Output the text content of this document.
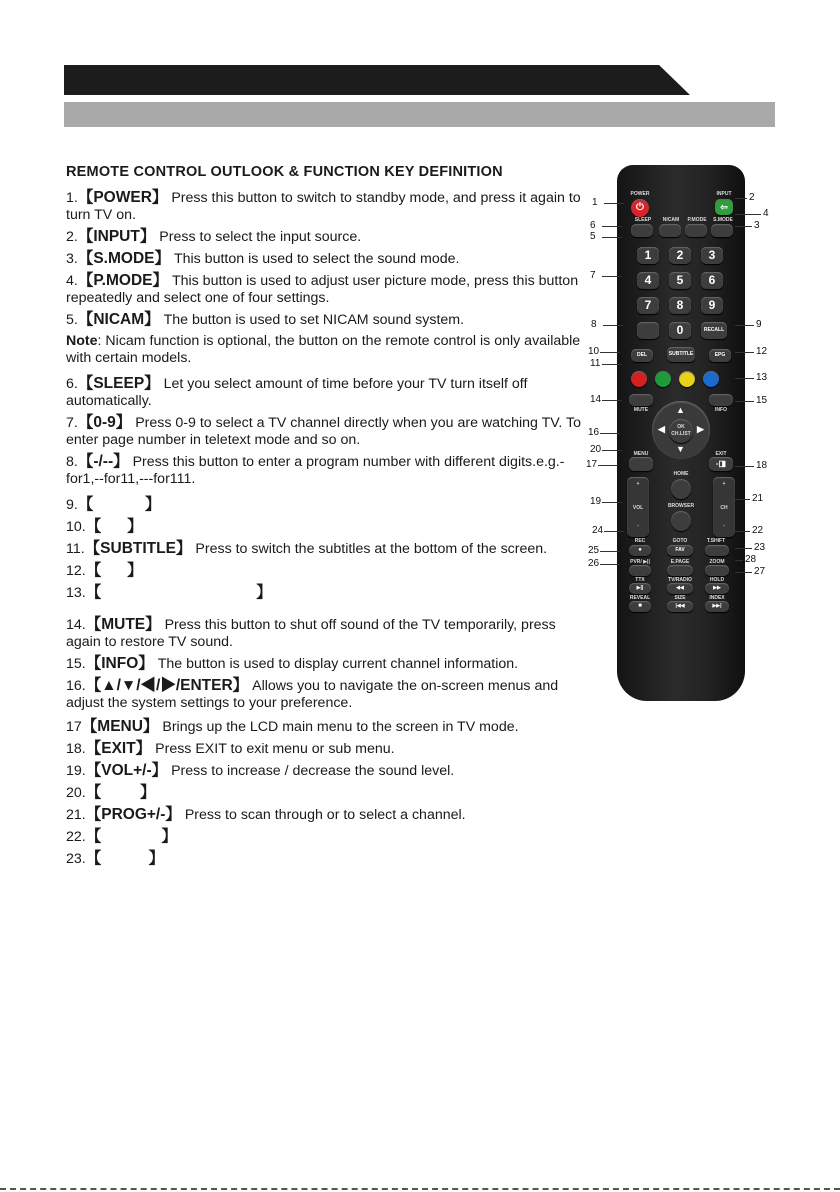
REMOTE CONTROL OUTLOOK & FUNCTION KEY DEFINITION
1.【POWER】 Press this button to switch to standby mode, and press it again to turn TV on.
2.【INPUT】 Press to select the input source.
3.【S.MODE】 This button is used to select the sound mode.
4.【P.MODE】 This button is used to adjust user picture mode, press this button repeatedly and select one of four settings.
5.【NICAM】 The button is used to set NICAM sound system.
Note: Nicam function is optional, the button on the remote control is only available with certain models.
6.【SLEEP】 Let you select amount of time before your TV turn itself off automatically.
7.【0-9】 Press 0-9 to select a TV channel directly when you are watching TV. To enter page number in teletext mode and so on.
8.【-/--】 Press this button to enter a program number with different digits.e.g.-for1,--for11,---for111.
9.【            】
10.【      】
11.【SUBTITLE】 Press to switch the subtitles at the bottom of the screen.
12.【      】
13.【                                    】
14.【MUTE】 Press this button to shut off sound of the TV temporarily, press again to restore TV sound.
15.【INFO】 The button is used to display current channel information.
16.【▲/▼/◀/▶/ENTER】 Allows you to navigate the on-screen menus and adjust the system settings to your preference.
17【MENU】 Brings up the LCD main menu to the screen in TV mode.
18.【EXIT】 Press EXIT to exit menu or sub menu.
19.【VOL+/-】 Press to increase / decrease the sound level.
20.【         】
21.【PROG+/-】 Press to scan through or to select a channel.
22.【              】
23.【           】
POWER
⏻
INPUT
⇦
SLEEP	NICAM	P.MODE	S.MODE
1	2	3
4	5	6
7	8	9
0	RECALL
DEL	SUBTITLE	EPG
MUTE	INFO
▲
▼
◀	▶
OK
CH.LIST
MENU	EXIT
-◨
HOME
+
VOL
-
+
CH
-
BROWSER
REC	GOTO	T.SHIFT
●	FAV
PVR/ ▶||	E.PAGE	ZOOM
TTX	TV/RADIO	HOLD
▶||	◀◀	▶▶
REVEAL	SIZE	INDEX
■	|◀◀	▶▶|
1	2
4
6	3
5
7
8	9
10	12
11
13
14	15
16
17	18
20
19	21
24	22
25	23
26	28
27
